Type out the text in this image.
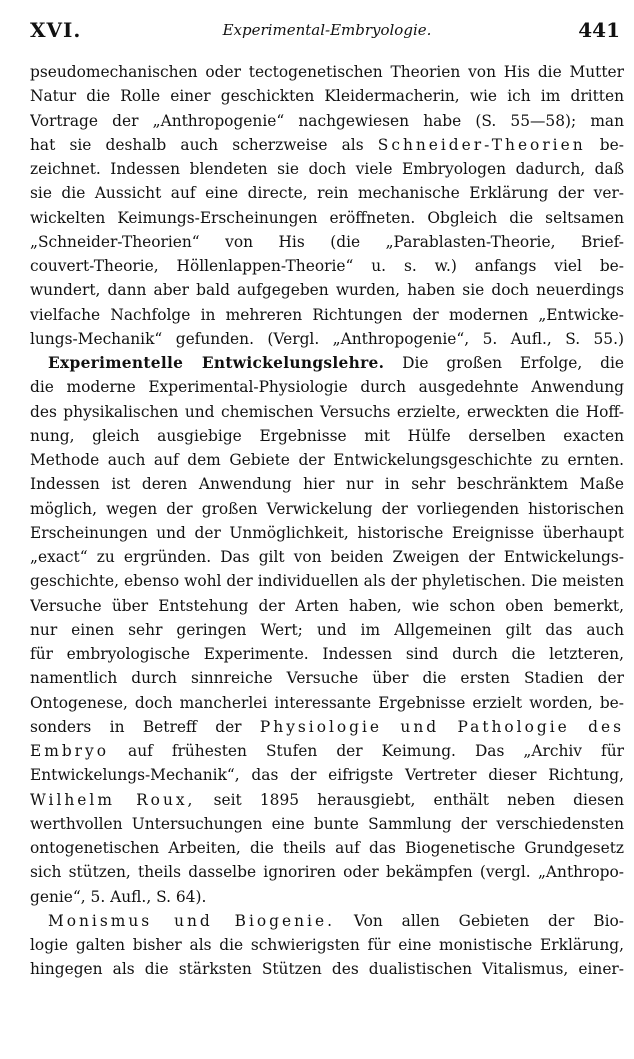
XVI.	Experimental-Embryologie.	441
pseudomechanischen oder tectogenetischen Theorien von His die Mutter
Natur die Rolle einer geschickten Kleidermacherin, wie ich im dritten
Vortrage der „Anthropogenie“ nachgewiesen habe (S. 55—58); man
hat sie deshalb auch scherzweise als Schneider-Theorien be-
zeichnet. Indessen blendeten sie doch viele Embryologen dadurch, daß
sie die Aussicht auf eine directe, rein mechanische Erklärung der ver-
wickelten Keimungs-Erscheinungen eröffneten. Obgleich die seltsamen
„Schneider-Theorien“ von His (die „Parablasten-Theorie, Brief-
couvert-Theorie, Höllenlappen-Theorie“ u. s. w.) anfangs viel be-
wundert, dann aber bald aufgegeben wurden, haben sie doch neuerdings
vielfache Nachfolge in mehreren Richtungen der modernen „Entwicke-
lungs-Mechanik“ gefunden. (Vergl. „Anthropogenie“, 5. Aufl., S. 55.)
Experimentelle Entwickelungslehre. Die großen Erfolge, die
die moderne Experimental-Physiologie durch ausgedehnte Anwendung
des physikalischen und chemischen Versuchs erzielte, erweckten die Hoff-
nung, gleich ausgiebige Ergebnisse mit Hülfe derselben exacten
Methode auch auf dem Gebiete der Entwickelungsgeschichte zu ernten.
Indessen ist deren Anwendung hier nur in sehr beschränktem Maße
möglich, wegen der großen Verwickelung der vorliegenden historischen
Erscheinungen und der Unmöglichkeit, historische Ereignisse überhaupt
„exact“ zu ergründen. Das gilt von beiden Zweigen der Entwickelungs-
geschichte, ebenso wohl der individuellen als der phyletischen. Die meisten
Versuche über Entstehung der Arten haben, wie schon oben bemerkt,
nur einen sehr geringen Wert; und im Allgemeinen gilt das auch
für embryologische Experimente. Indessen sind durch die letzteren,
namentlich durch sinnreiche Versuche über die ersten Stadien der
Ontogenese, doch mancherlei interessante Ergebnisse erzielt worden, be-
sonders in Betreff der Physiologie und Pathologie des
Embryo auf frühesten Stufen der Keimung. Das „Archiv für
Entwickelungs-Mechanik“, das der eifrigste Vertreter dieser Richtung,
Wilhelm Roux, seit 1895 herausgiebt, enthält neben diesen
werthvollen Untersuchungen eine bunte Sammlung der verschiedensten
ontogenetischen Arbeiten, die theils auf das Biogenetische Grundgesetz
sich stützen, theils dasselbe ignoriren oder bekämpfen (vergl. „Anthropo-
genie“, 5. Aufl., S. 64).
Monismus und Biogenie. Von allen Gebieten der Bio-
logie galten bisher als die schwierigsten für eine monistische Erklärung,
hingegen als die stärksten Stützen des dualistischen Vitalismus, einer-
